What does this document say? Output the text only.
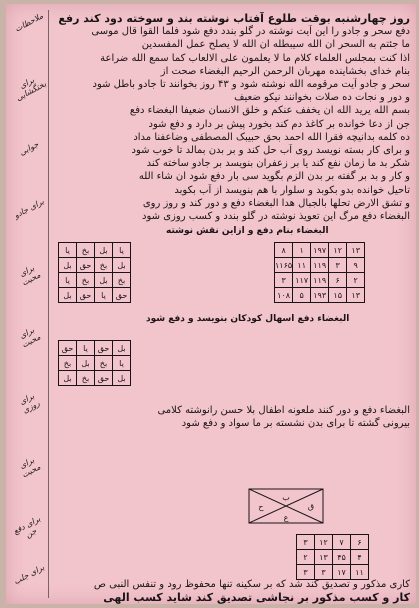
ملاحظات
برای بختگشایی
جوابی
برای جادو
برای محبت
برای محبت
برای روزی
برای محبت
برای دفع جن
برای جلب
روز چهارشنبه بوقت طلوع آفتاب نوشته بند و سوخته دود کند رفع
دفع سحر و جادو را این آیت نوشته در گلو بندد دفع شود فلما القوا قال موسی
ما جئتم به السحر ان الله سیبطله ان الله لا یصلح عمل المفسدین
اذا کنت بمجلس العلماء کلام ما لا یعلمون علی الالعاب کما سمع الله ضراعة
بنام خدای بخشاینده مهربان الرحمن الرحیم البغضاء صحت از
سحر و جادو آیت مرقومه الله نوشته شود و ۴۳ روز بخوانند تا جادو باطل شود
و دور و نجات ده صلات بخوانند نیکو ضعیف
بسم الله یرید الله ان یخفف عنکم و خلق الانسان ضعیفا البغضاء دفع
جن از دعا خوانده بر کاغذ دم کند بخورد پیش بر دارد و دفع شود
ده کلمه بدانیچه فقرا الله احمد بحق حبیبک المصطفی وضاعفنا مداد
و برای کار بسته نویسد روی آب حل کند و بر بدن بمالد تا خوب شود
شکر بد ما زمان نفع کند یا بر زعفران بنویسد بر جادو ساخته کند
و کار و بد بر گفته بر بدن الزم بگوید سی بار دفع شود ان شاء الله
تاحیل خوانده بدو بکوبد و سلوار با هم بنویسد از آب بکوبد
و تشق الارض تحلها بالجبال هدا البغضاء دفع و دور کند و روز روی
البغضاء دفع مرگ این تعویذ نوشته در گلو بندد و کسب روزی شود
البغضاء بنام دفع و ازاین نقش نوشته
یا	بخ	بل	یا
بل	حق	بخ	بل
یا	بخ	بل	بخ
بل	حق	یا	حق
۸	۱	۱۹۷	۱۲	۱۳
۱۱۶۵	۱۱	۱۱۹	۳	۹
۳	۱۱۷	۱۱۹	۶	۲
۱۰۸	۵	۱۹۳	۱۵	۱۳
البغضاء دفع اسهال کودکان بنویسد و دفع شود
حق	یا	حق	بل
بخ	بل	بخ	یا
بل	بخ	حق	بل
البغضاء دفع و دور کنند ملعونه اطفال بلا حسن رانوشته کلامی
بیرونی گشته تا برای بدن نشسته بر ما سواد و دفع شود
ب
ح	ق
ع
۳	۱۲	۷	۶
۲	۱۳	۴۵	۴
۳	۳	۱۷	۱۱
کاری مذکور و تصدیق کند شد که بر سکینه تنها محفوظ رود و تنفس النبی ص
کار و کسب مذکور بر نجاشی تصدیق کند شاید کسب الهی
